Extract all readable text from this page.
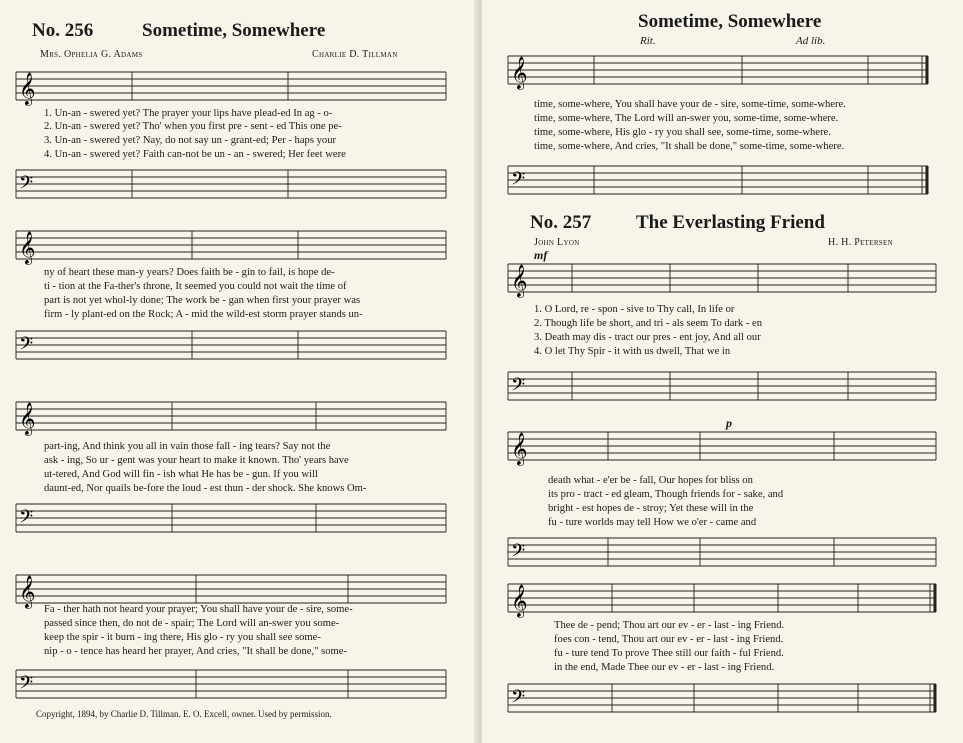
No. 256	Sometime, Somewhere
Mrs. Ophelia G. Adams	Charlie D. Tillman
𝄞
1. Un-an - swered yet? The prayer your lips have plead-ed In ag - o-
2. Un-an - swered yet? Tho' when you first pre - sent - ed This one pe-
3. Un-an - swered yet? Nay, do not say un - grant-ed; Per - haps your
4. Un-an - swered yet? Faith can-not be un - an - swered; Her feet were
𝄢
𝄞
ny of heart these man-y years? Does faith be - gin to fail, is hope de-
ti - tion at the Fa-ther's throne, It seemed you could not wait the time of
part is not yet whol-ly done; The work be - gan when first your prayer was
firm - ly plant-ed on the Rock; A - mid the wild-est storm prayer stands un-
𝄢
𝄞
part-ing, And think you all in vain those fall - ing tears? Say not the
ask - ing, So ur - gent was your heart to make it known. Tho' years have
ut-tered, And God will fin - ish what He has be - gun. If you will
daunt-ed, Nor quails be-fore the loud - est thun - der shock. She knows Om-
𝄢
𝄞
Fa - ther hath not heard your prayer; You shall have your de - sire, some-
passed since then, do not de - spair; The Lord will an-swer you some-
keep the spir - it burn - ing there, His glo - ry you shall see some-
nip - o - tence has heard her prayer, And cries, "It shall be done," some-
𝄢
Copyright, 1894, by Charlie D. Tillman. E. O. Excell, owner. Used by permission.
Sometime, Somewhere
Rit.	Ad lib.
𝄞
time, some-where, You shall have your de - sire, some-time, some-where.
time, some-where, The Lord will an-swer you, some-time, some-where.
time, some-where, His glo - ry you shall see, some-time, some-where.
time, some-where, And cries, "It shall be done," some-time, some-where.
𝄢
No. 257 The Everlasting Friend
John Lyon	H. H. Petersen
mf
𝄞
1. O Lord, re - spon - sive to Thy call, In life or
2. Though life be short, and tri - als seem To dark - en
3. Death may dis - tract our pres - ent joy, And all our
4. O let Thy Spir - it with us dwell, That we in
𝄢
p
𝄞
death what - e'er be - fall, Our hopes for bliss on
its pro - tract - ed gleam, Though friends for - sake, and
bright - est hopes de - stroy; Yet these will in the
fu - ture worlds may tell How we o'er - came and
𝄢
𝄞
Thee de - pend; Thou art our ev - er - last - ing Friend.
foes con - tend, Thou art our ev - er - last - ing Friend.
fu - ture tend To prove Thee still our faith - ful Friend.
in the end, Made Thee our ev - er - last - ing Friend.
𝄢
